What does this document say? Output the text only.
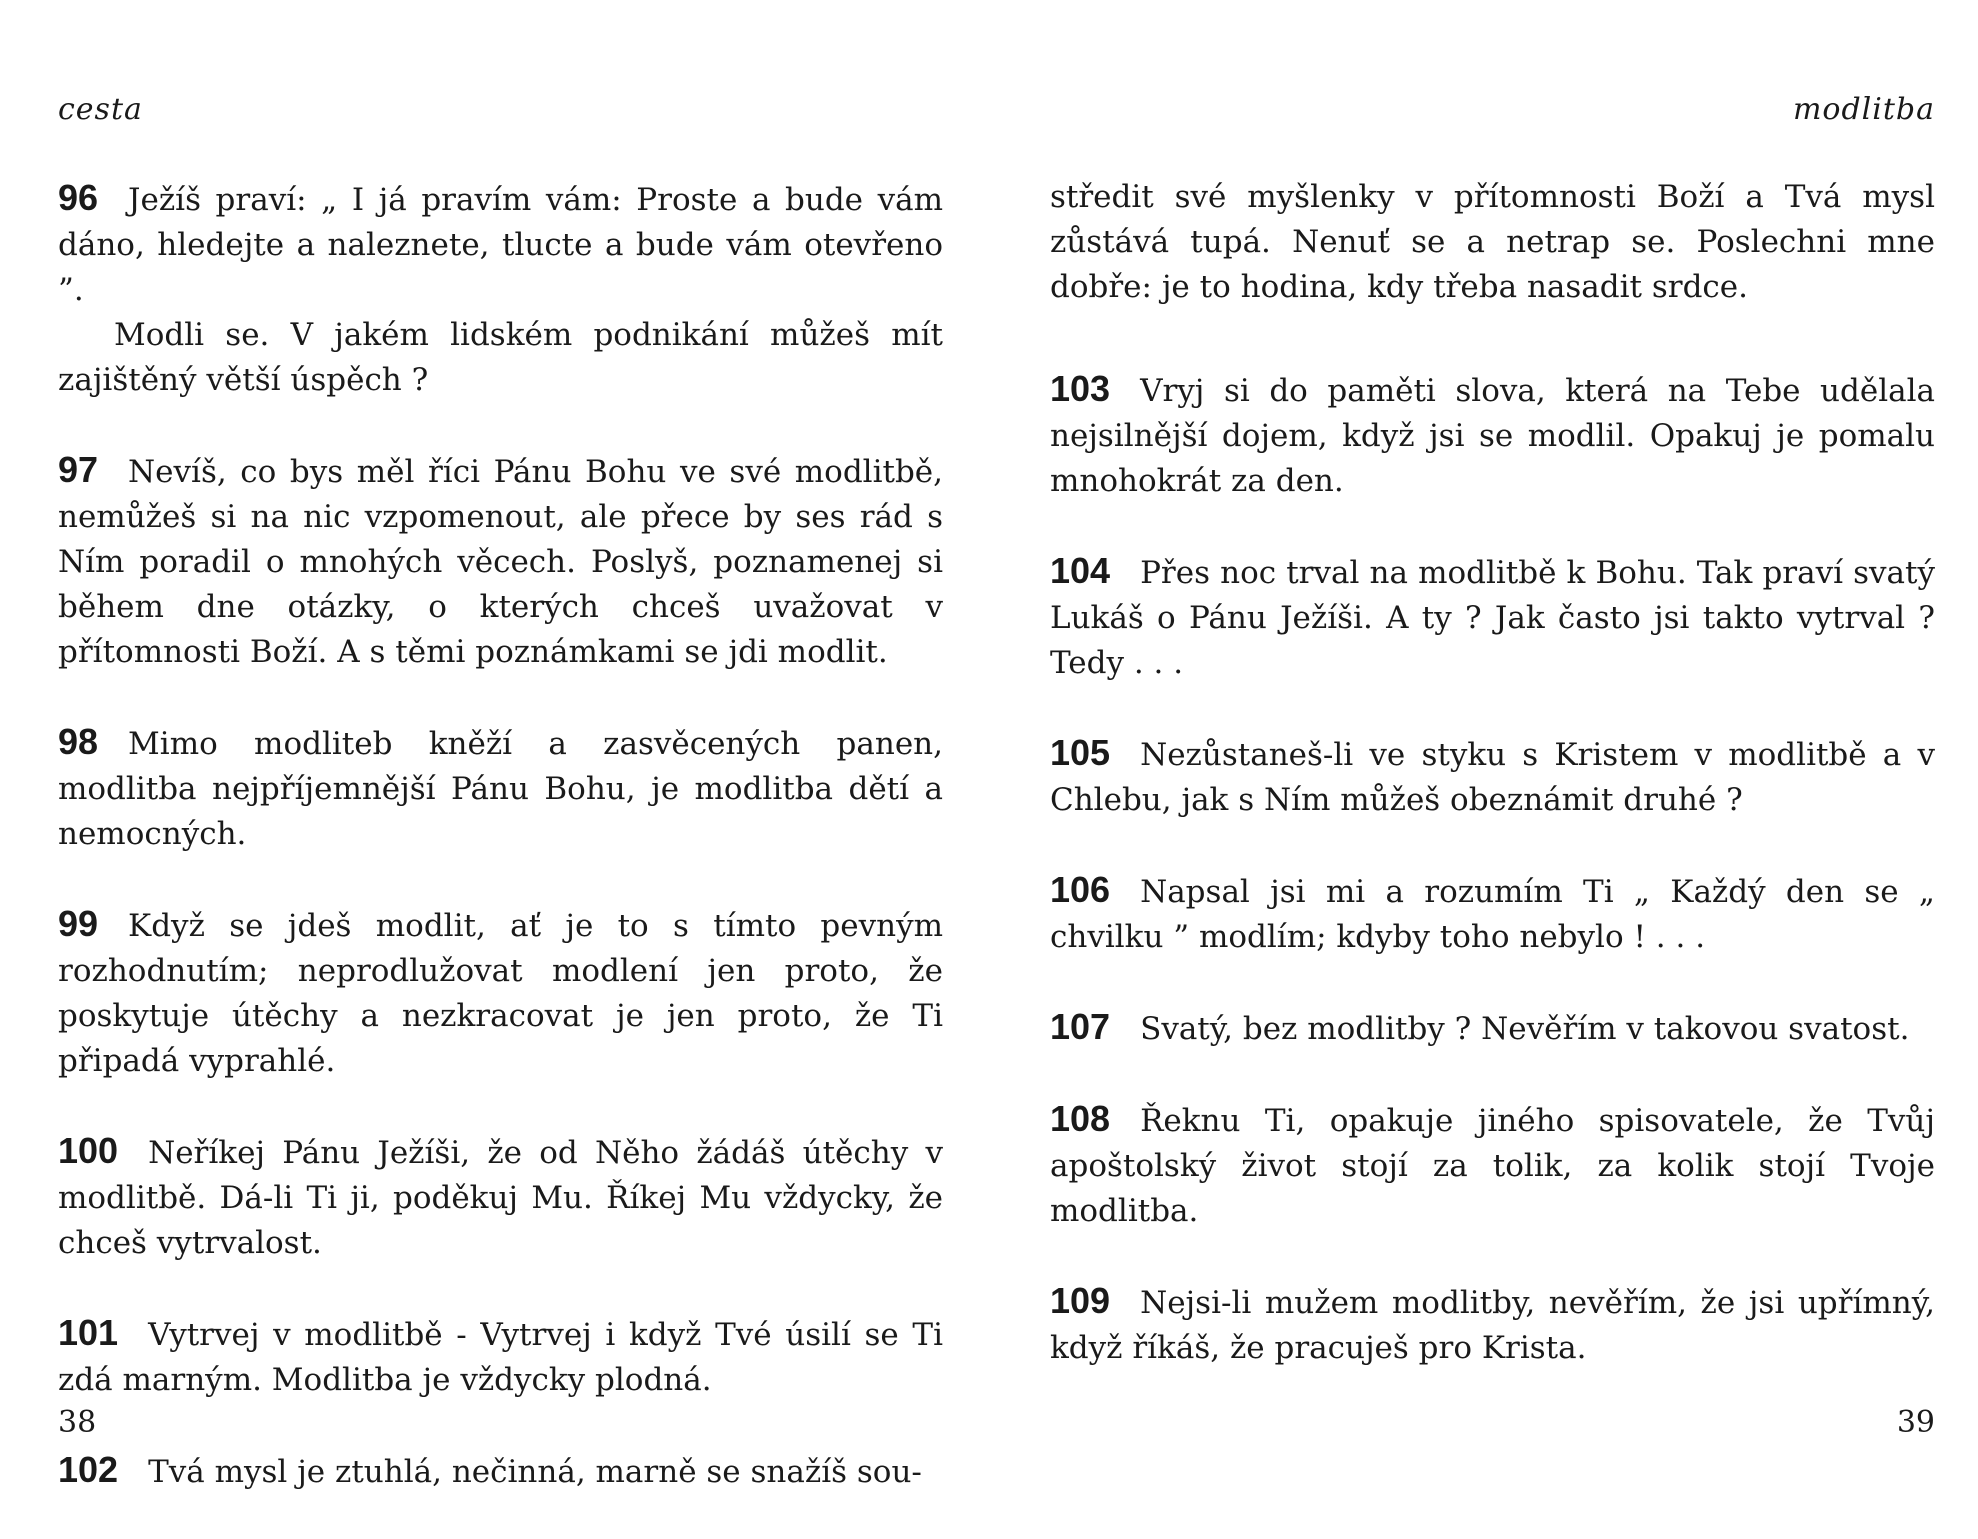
cesta

96 Ježíš praví: „ I já pravím vám: Proste a bude vám dáno, hledejte a naleznete, tlucte a bude vám otevřeno ”.
Modli se. V jakém lidském podnikání můžeš mít zajištěný větší úspěch ?

97 Nevíš, co bys měl říci Pánu Bohu ve své modlitbě, nemůžeš si na nic vzpomenout, ale přece by ses rád s Ním poradil o mnohých věcech. Poslyš, poznamenej si během dne otázky, o kterých chceš uvažovat v přítomnosti Boží. A s těmi poznámkami se jdi modlit.

98 Mimo modliteb kněží a zasvěcených panen, modlitba nejpříjemnější Pánu Bohu, je modlitba dětí a nemocných.

99 Když se jdeš modlit, ať je to s tímto pevným rozhodnutím; neprodlužovat modlení jen proto, že poskytuje útěchy a nezkracovat je jen proto, že Ti připadá vyprahlé.

100 Neříkej Pánu Ježíši, že od Něho žádáš útěchy v modlitbě. Dá-li Ti ji, poděkuj Mu. Říkej Mu vždycky, že chceš vytrvalost.

101 Vytrvej v modlitbě - Vytrvej i když Tvé úsilí se Ti zdá marným. Modlitba je vždycky plodná.

102 Tvá mysl je ztuhlá, nečinná, marně se snažíš sou-

38
modlitba

středit své myšlenky v přítomnosti Boží a Tvá mysl zůstává tupá. Nenuť se a netrap se. Poslechni mne dobře: je to hodina, kdy třeba nasadit srdce.

103 Vryj si do paměti slova, která na Tebe udělala nejsilnější dojem, když jsi se modlil. Opakuj je pomalu mnohokrát za den.

104 Přes noc trval na modlitbě k Bohu. Tak praví svatý Lukáš o Pánu Ježíši. A ty ? Jak často jsi takto vytrval ? Tedy . . .

105 Nezůstaneš-li ve styku s Kristem v modlitbě a v Chlebu, jak s Ním můžeš obeznámit druhé ?

106 Napsal jsi mi a rozumím Ti „ Každý den se „ chvilku ” modlím; kdyby toho nebylo ! . . .

107 Svatý, bez modlitby ? Nevěřím v takovou svatost.

108 Řeknu Ti, opakuje jiného spisovatele, že Tvůj apoštolský život stojí za tolik, za kolik stojí Tvoje modlitba.

109 Nejsi-li mužem modlitby, nevěřím, že jsi upřímný, když říkáš, že pracuješ pro Krista.

39
